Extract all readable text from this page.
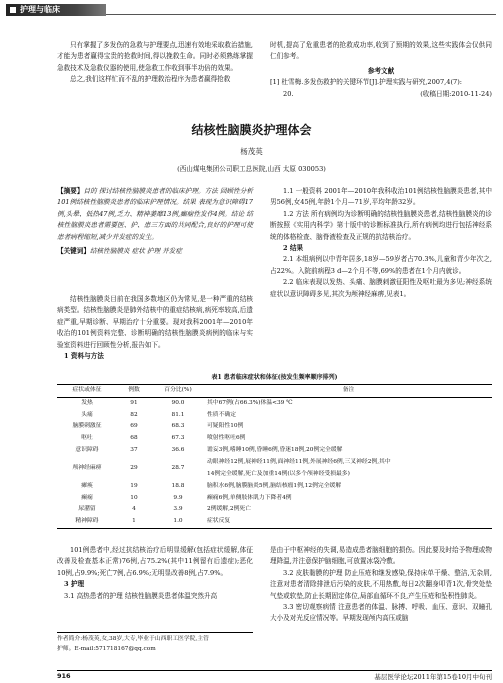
护理与临床

只有掌握了多发伤的急救与护理要点,迅速有效地采取救治措施,才能为患者赢得宝贵的抢救时间,得以挽救生命。同时必须熟练掌握急救技术及急救仪器的使用,使急救工作收到事半功倍的效果。

总之,我们这样忙而不乱的护理救治程序为患者赢得抢救

时机,提高了危重患者的抢救成功率,收到了预期的效果,这些实践体会仅供同仁们参考。

参考文献

[1] 杜雪梅.多发伤救护的关键环节[J].护理实践与研究,2007,4(7):

20.	(收稿日期:2010-11-24)

结核性脑膜炎护理体会
杨茂英
(西山煤电集团公司职工总医院,山西 太原 030053)

【摘要】目的 探讨结核性脑膜炎患者的临床护理。方法 回顾性分析101例结核性脑膜炎患者的临床护理情况。结果 表现为意识障碍17例,头晕、低热47例,乏力、精神萎靡13例,癫痫性发作4例。结论 结核性脑膜炎患者需要医、护、患三方面的共同配合,良好的护理可使患者病程缩短,减少并发症的发生。

【关键词】结核性脑膜炎 症状 护理 并发症

结核性脑膜炎目前在我国多数地区仍为常见,是一种严重的结核病类型。结核性脑膜炎是肺外结核中的重症结核病,病死率较高,后遗症严重,早期诊断、早期治疗十分重要。现对我科2001年—2010年收治的101例资料完整、诊断明确的结核性脑膜炎病例的临床与实验室资料进行回顾性分析,报告如下。

1 资料与方法

1.1 一般资料 2001年—2010年我科收治101例结核性脑膜炎患者,其中男56例,女45例,年龄1个月—71岁,平均年龄32岁。

1.2 方法 所有病例均为诊断明确的结核性脑膜炎患者,结核性脑膜炎的诊断按照《实用内科学》第十版中的诊断标准执行,所有病例均进行包括神经系统的体格检查、脑脊液检查及正规的抗结核治疗。

2 结果

2.1 本组病例以中青年居多,18岁—59岁者占70.3%,儿童和青少年次之,占22%。入院前病程3 d—2个月不等,69%的患者在1个月内就诊。

2.2 临床表现以发热、头痛、脑膜刺激征阳性及呕吐最为多见;神经系统症状以意识障碍多见,其次为颅神经麻痹,见表1。

表1 患者临床症状和体征(按发生频率顺序排列)
症状或体征	例数	百分比(%)	备注
发热	91	90.0	其中67例(占66.3%)体温<39 ℃
头痛	82	81.1	性质不确定
脑膜刺激征	69	68.3	可疑阳性10例
呕吐	68	67.3	喷射性呕吐6例
意识障碍	37	36.6	谵妄3例,嗜睡10例,昏睡6例,昏迷18例,20例完全缓解
颅神经麻痹	29	28.7	动眼神经12例,展神经11例,面神经11例,外展神经6例,三叉神经2例,其中
14例完全缓解,死亡及加重14例(以多个颅神经受损最多)
瘫痪	19	18.8	脑积水6例,脑膜脑炎5例,脑结核瘤1例,12例完全缓解
癫痫	10	9.9	癫痫6例,单侧肢体肌力下降者4例
尿潴留	4	3.9	2例缓解,2例死亡
精神障碍	1	1.0	症状反复

101例患者中,经过抗结核治疗后明显缓解(包括症状缓解,体征改善及检查基本正常)76例,占75.2%(其中11例留有后遗症);恶化10例,占9.9%;死亡7例,占6.9%;无明显改善8例,占7.9%。

3 护理

3.1 高热患者的护理 结核性脑膜炎患者体温突然升高

是由于中枢神经的失调,易造成患者脑细胞的损伤。因此要及时给予物理或物理降温,并注意保护脑细胞,可放置冰袋冷敷。

3.2 皮肤黏膜的护理 防止压疮和继发感染,保持床单干燥、整洁,无杂屑,注意对患者清除排泄后污染的皮肤,不用热敷,每日2次翻身叩背1次,骨突处垫气垫或软垫,防止长期固定体位,局部血循环不良,产生压疮和坠积性肺炎。

3.3 密切观察病情 注意患者的体温、脉搏、呼吸、血压、意识、双瞳孔大小及对光反应情况等。早期发现颅内高压或脑

作者简介:杨茂英,女,38岁,大专,毕业于山西职工医学院,主管

护师。E-mail:571718167@qq.com

916	基层医学论坛2011年第15卷10月中旬刊
